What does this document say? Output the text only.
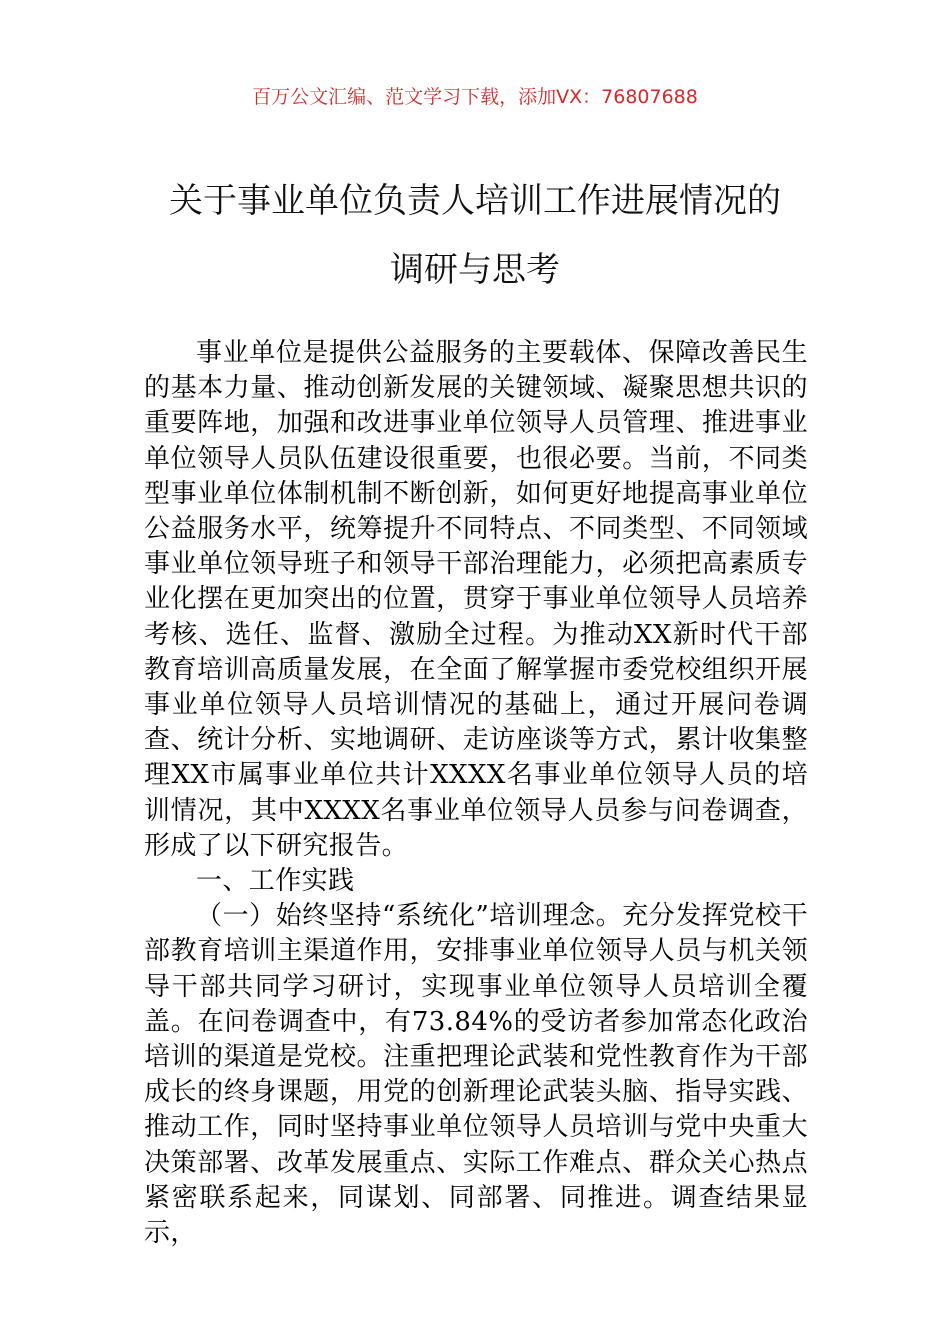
百万公文汇编、范文学习下载，添加VX：76807688
关于事业单位负责人培训工作进展情况的
调研与思考

事业单位是提供公益服务的主要载体、保障改善民生的基本力量、推动创新发展的关键领域、凝聚思想共识的重要阵地，加强和改进事业单位领导人员管理、推进事业单位领导人员队伍建设很重要，也很必要。当前，不同类型事业单位体制机制不断创新，如何更好地提高事业单位公益服务水平，统筹提升不同特点、不同类型、不同领域事业单位领导班子和领导干部治理能力，必须把高素质专业化摆在更加突出的位置，贯穿于事业单位领导人员培养考核、选任、监督、激励全过程。为推动XX新时代干部教育培训高质量发展，在全面了解掌握市委党校组织开展事业单位领导人员培训情况的基础上，通过开展问卷调查、统计分析、实地调研、走访座谈等方式，累计收集整理XX市属事业单位共计XXXX名事业单位领导人员的培训情况，其中XXXX名事业单位领导人员参与问卷调查，形成了以下研究报告。

一、工作实践

（一）始终坚持“系统化”培训理念。充分发挥党校干部教育培训主渠道作用，安排事业单位领导人员与机关领导干部共同学习研讨，实现事业单位领导人员培训全覆盖。在问卷调查中，有73.84%的受访者参加常态化政治培训的渠道是党校。注重把理论武装和党性教育作为干部成长的终身课题，用党的创新理论武装头脑、指导实践、推动工作，同时坚持事业单位领导人员培训与党中央重大决策部署、改革发展重点、实际工作难点、群众关心热点紧密联系起来，同谋划、同部署、同推进。调查结果显示，
